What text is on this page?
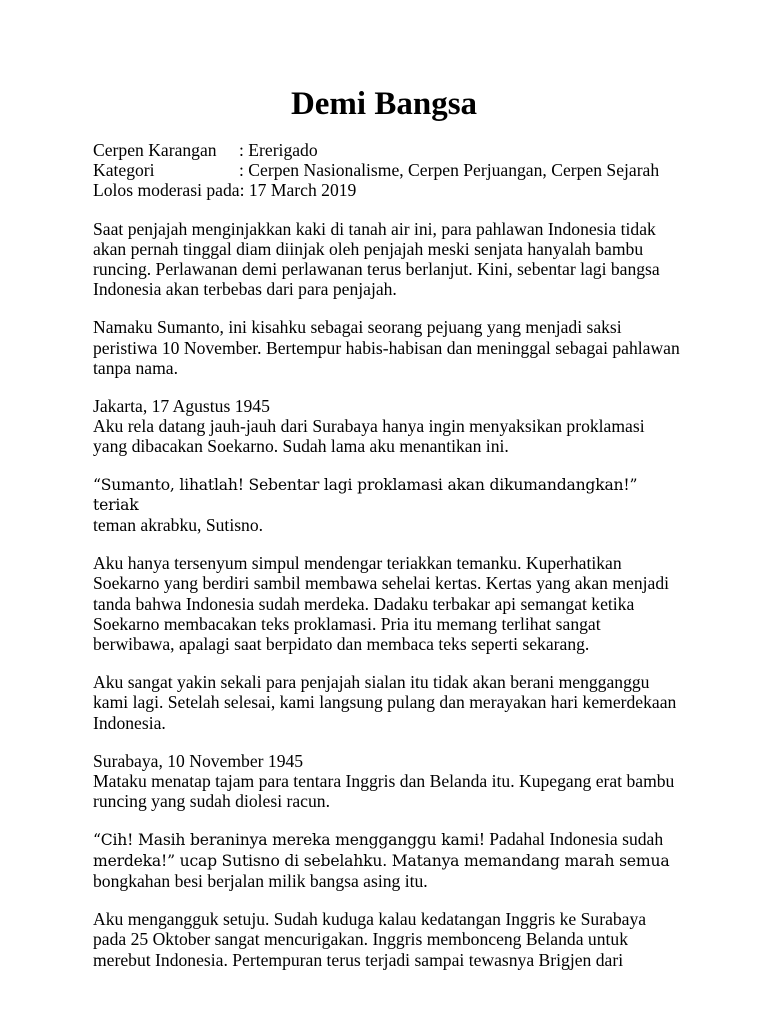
Demi Bangsa
Cerpen Karangan : Ererigado
Kategori	: Cerpen Nasionalisme, Cerpen Perjuangan, Cerpen Sejarah
Lolos moderasi pada: 17 March 2019

Saat penjajah menginjakkan kaki di tanah air ini, para pahlawan Indonesia tidak akan pernah tinggal diam diinjak oleh penjajah meski senjata hanyalah bambu runcing. Perlawanan demi perlawanan terus berlanjut. Kini, sebentar lagi bangsa Indonesia akan terbebas dari para penjajah.

Namaku Sumanto, ini kisahku sebagai seorang pejuang yang menjadi saksi peristiwa 10 November. Bertempur habis-habisan dan meninggal sebagai pahlawan tanpa nama.

Jakarta, 17 Agustus 1945
Aku rela datang jauh-jauh dari Surabaya hanya ingin menyaksikan proklamasi yang dibacakan Soekarno. Sudah lama aku menantikan ini.
“Sumanto, lihatlah! Sebentar lagi proklamasi akan dikumandangkan!” teriak
teman akrabku, Sutisno.

Aku hanya tersenyum simpul mendengar teriakkan temanku. Kuperhatikan Soekarno yang berdiri sambil membawa sehelai kertas. Kertas yang akan menjadi tanda bahwa Indonesia sudah merdeka. Dadaku terbakar api semangat ketika Soekarno membacakan teks proklamasi. Pria itu memang terlihat sangat berwibawa, apalagi saat berpidato dan membaca teks seperti sekarang.

Aku sangat yakin sekali para penjajah sialan itu tidak akan berani mengganggu kami lagi. Setelah selesai, kami langsung pulang dan merayakan hari kemerdekaan Indonesia.

Surabaya, 10 November 1945
Mataku menatap tajam para tentara Inggris dan Belanda itu. Kupegang erat bambu runcing yang sudah diolesi racun.
“Cih! Masih beraninya mereka mengganggu kami! Padahal Indonesia sudah
merdeka!” ucap Sutisno di sebelahku. Matanya memandang marah semua
bongkahan besi berjalan milik bangsa asing itu.

Aku mengangguk setuju. Sudah kuduga kalau kedatangan Inggris ke Surabaya pada 25 Oktober sangat mencurigakan. Inggris membonceng Belanda untuk merebut Indonesia. Pertempuran terus terjadi sampai tewasnya Brigjen dari
